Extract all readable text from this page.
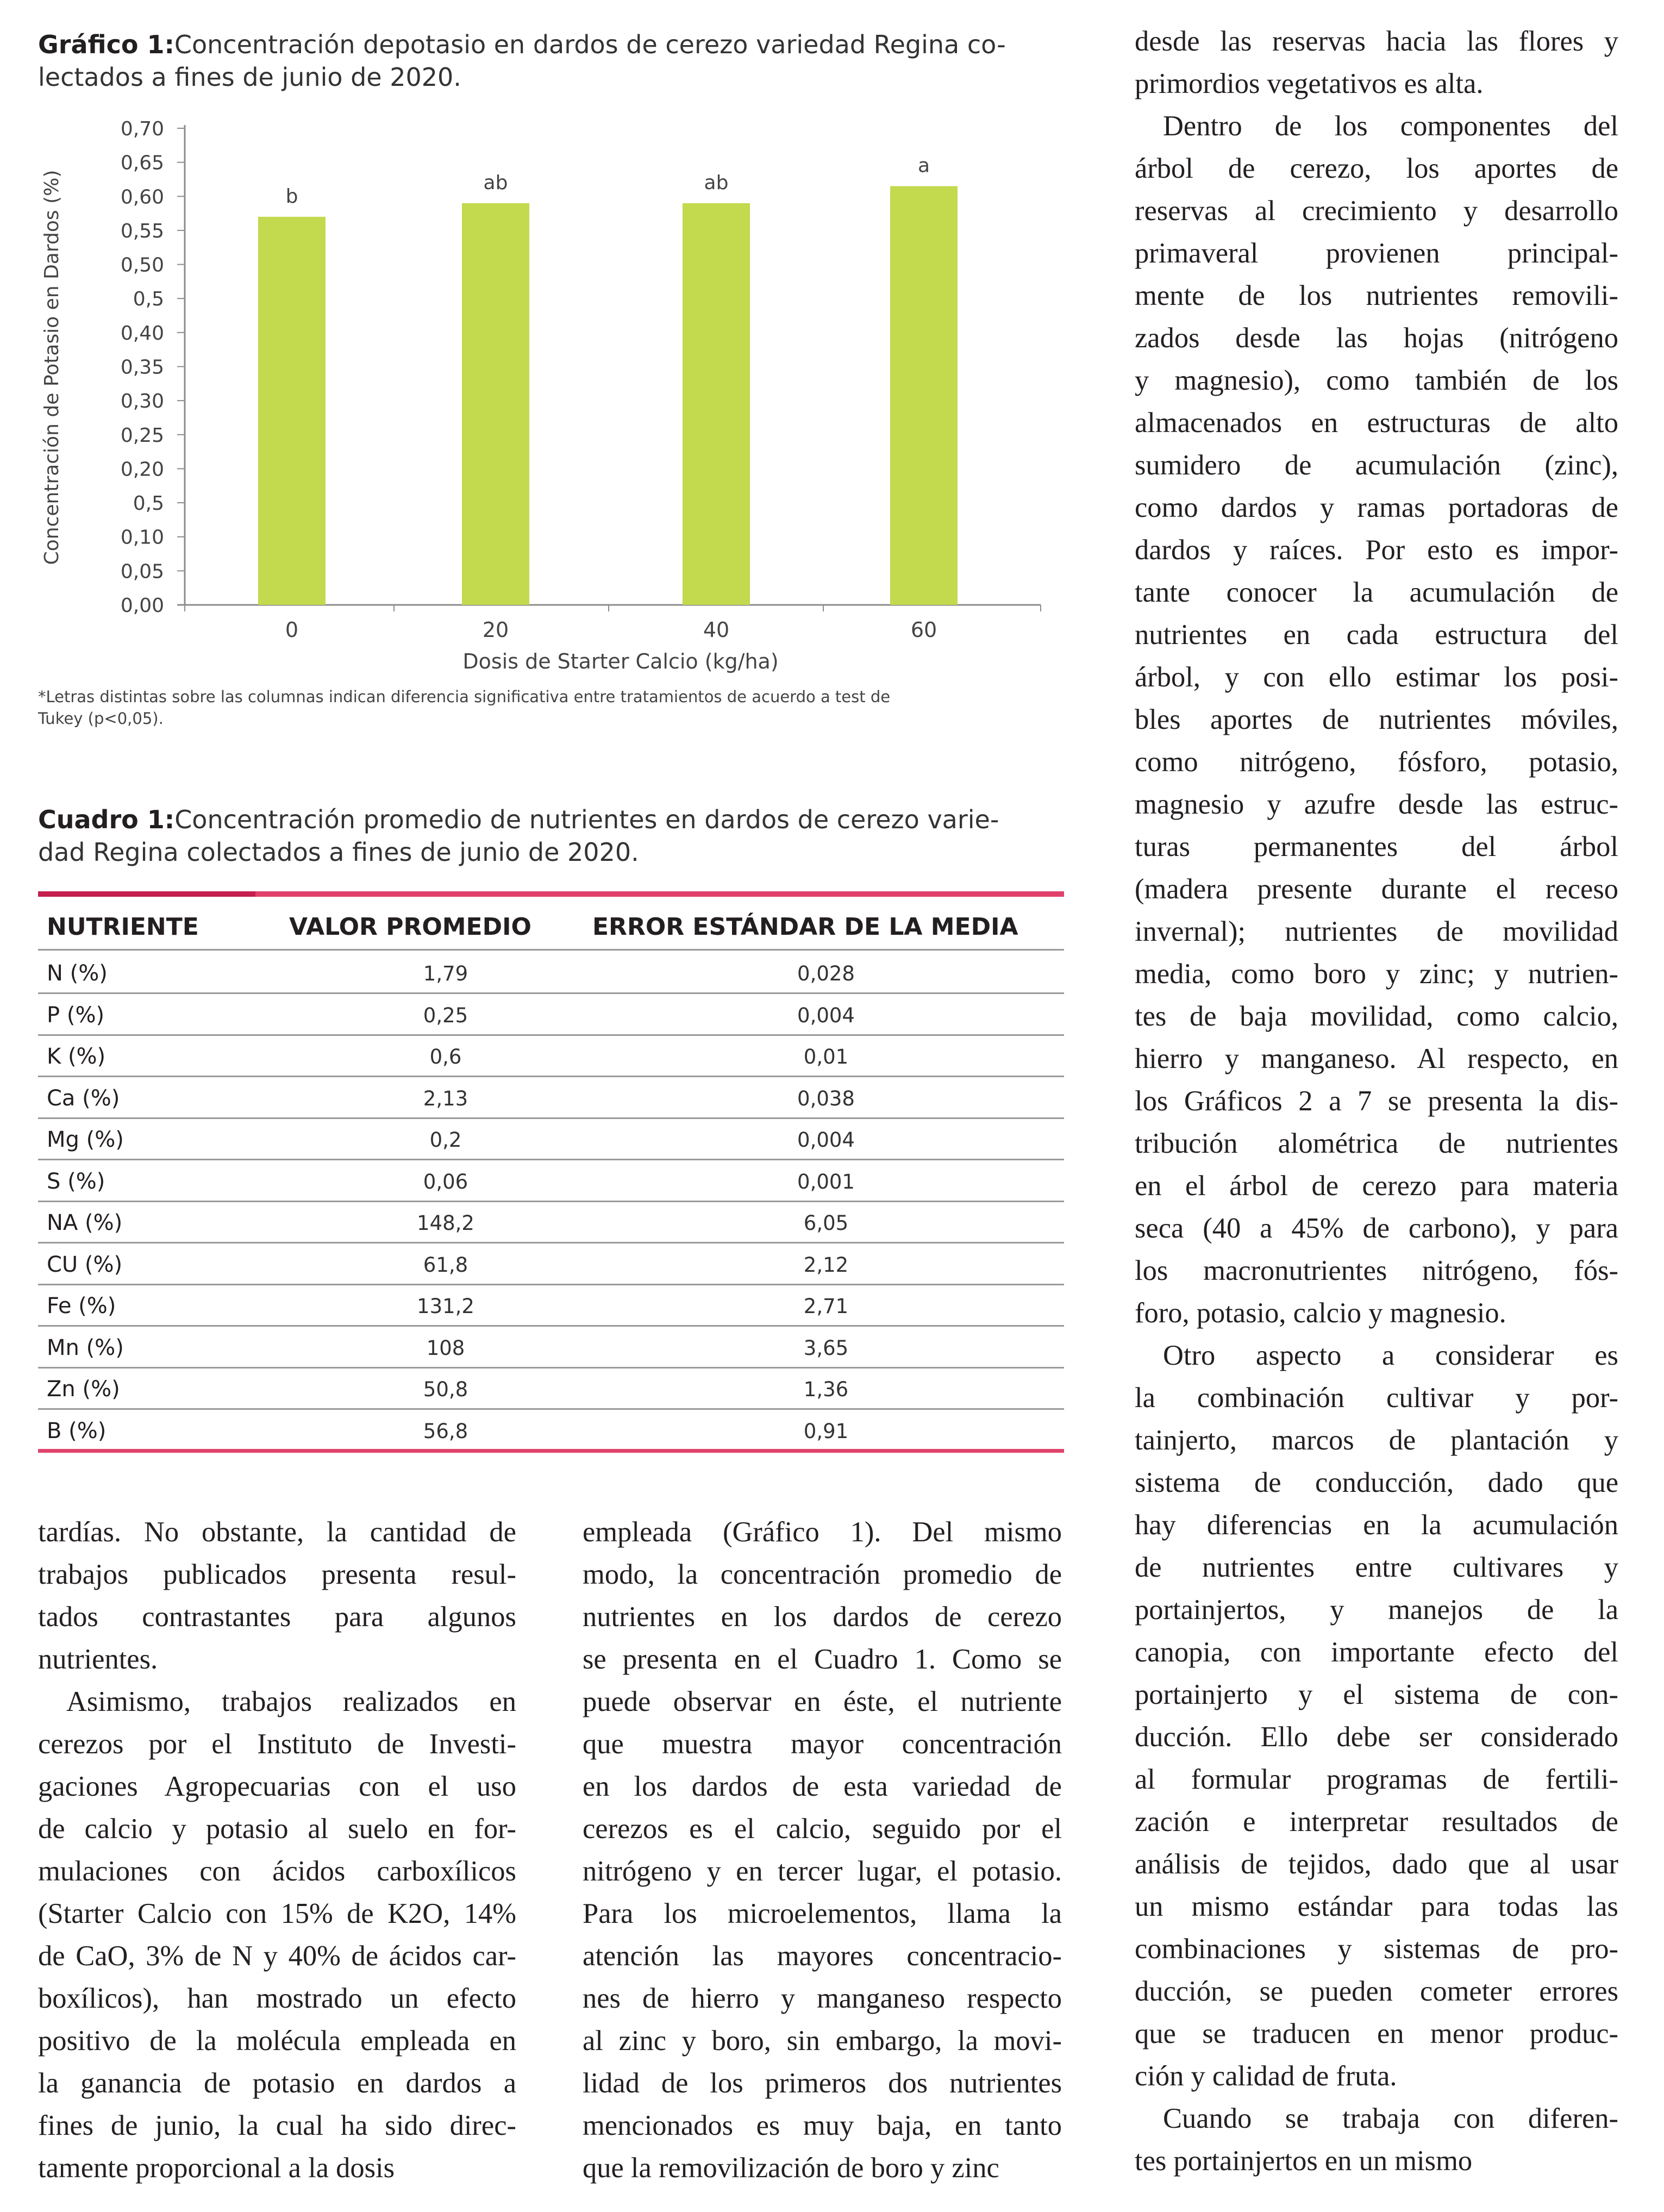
Gráfico 1:Concentración depotasio en dardos de cerezo variedad Regina co-
lectados a fines de junio de 2020.
0,70
0,65
0,60
0,55
0,50
0,5
0,40
0,35
0,30
0,25
0,20
0,5
0,10
0,05
0,00
Concentración de Potasio en Dardos (%)	b
0
ab
20
ab
40
a
60
Dosis de Starter Calcio (kg/ha)
*Letras distintas sobre las columnas indican diferencia significativa entre tratamientos de acuerdo a test de
Tukey (p<0,05).
Cuadro 1:Concentración promedio de nutrientes en dardos de cerezo varie-
dad Regina colectados a fines de junio de 2020.
NUTRIENTE	VALOR PROMEDIO	ERROR ESTÁNDAR DE LA MEDIA
N (%)	1,79	0,028
P (%)	0,25	0,004
K (%)	0,6	0,01
Ca (%)	2,13	0,038
Mg (%)	0,2	0,004
S (%)	0,06	0,001
NA (%)	148,2	6,05
CU (%)	61,8	2,12
Fe (%)	131,2	2,71
Mn (%)	108	3,65
Zn (%)	50,8	1,36
B (%)	56,8	0,91
tardías. No obstante, la cantidad de
trabajos publicados presenta resul-
tados contrastantes para algunos
nutrientes.
Asimismo, trabajos realizados en
cerezos por el Instituto de Investi-
gaciones Agropecuarias con el uso
de calcio y potasio al suelo en for-
mulaciones con ácidos carboxílicos
(Starter Calcio con 15% de K2O, 14%
de CaO, 3% de N y 40% de ácidos car-
boxílicos), han mostrado un efecto
positivo de la molécula empleada en
la ganancia de potasio en dardos a
fines de junio, la cual ha sido direc-
tamente proporcional a la dosis
empleada (Gráfico 1). Del mismo
modo, la concentración promedio de
nutrientes en los dardos de cerezo
se presenta en el Cuadro 1. Como se
puede observar en éste, el nutriente
que muestra mayor concentración
en los dardos de esta variedad de
cerezos es el calcio, seguido por el
nitrógeno y en tercer lugar, el potasio.
Para los microelementos, llama la
atención las mayores concentracio-
nes de hierro y manganeso respecto
al zinc y boro, sin embargo, la movi-
lidad de los primeros dos nutrientes
mencionados es muy baja, en tanto
que la removilización de boro y zinc
desde las reservas hacia las flores y
primordios vegetativos es alta.
Dentro de los componentes del
árbol de cerezo, los aportes de
reservas al crecimiento y desarrollo
primaveral provienen principal-
mente de los nutrientes removili-
zados desde las hojas (nitrógeno
y magnesio), como también de los
almacenados en estructuras de alto
sumidero de acumulación (zinc),
como dardos y ramas portadoras de
dardos y raíces. Por esto es impor-
tante conocer la acumulación de
nutrientes en cada estructura del
árbol, y con ello estimar los posi-
bles aportes de nutrientes móviles,
como nitrógeno, fósforo, potasio,
magnesio y azufre desde las estruc-
turas permanentes del árbol
(madera presente durante el receso
invernal); nutrientes de movilidad
media, como boro y zinc; y nutrien-
tes de baja movilidad, como calcio,
hierro y manganeso. Al respecto, en
los Gráficos 2 a 7 se presenta la dis-
tribución alométrica de nutrientes
en el árbol de cerezo para materia
seca (40 a 45% de carbono), y para
los macronutrientes nitrógeno, fós-
foro, potasio, calcio y magnesio.
Otro aspecto a considerar es
la combinación cultivar y por-
tainjerto, marcos de plantación y
sistema de conducción, dado que
hay diferencias en la acumulación
de nutrientes entre cultivares y
portainjertos, y manejos de la
canopia, con importante efecto del
portainjerto y el sistema de con-
ducción. Ello debe ser considerado
al formular programas de fertili-
zación e interpretar resultados de
análisis de tejidos, dado que al usar
un mismo estándar para todas las
combinaciones y sistemas de pro-
ducción, se pueden cometer errores
que se traducen en menor produc-
ción y calidad de fruta.
Cuando se trabaja con diferen-
tes portainjertos en un mismo
